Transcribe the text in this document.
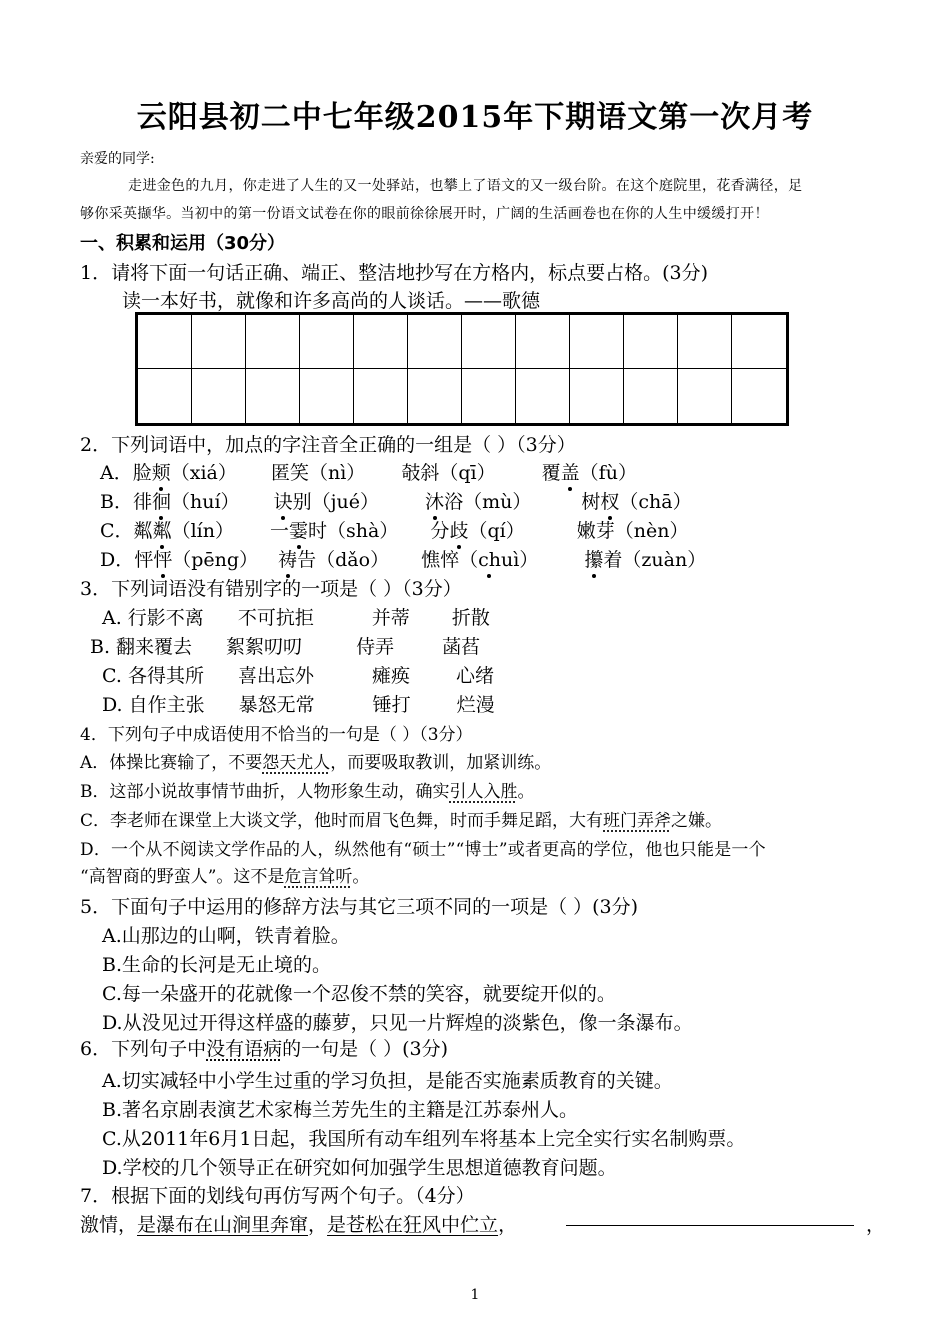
云阳县初二中七年级2015年下期语文第一次月考
亲爱的同学:
走进金色的九月，你走进了人生的又一处驿站，也攀上了语文的又一级台阶。在这个庭院里，花香满径，足
够你采英撷华。当初中的第一份语文试卷在你的眼前徐徐展开时，广阔的生活画卷也在你的人生中缓缓打开！
一、积累和运用（30分）
1．请将下面一句话正确、端正、整洁地抄写在方格内，标点要占格。(3分)
读一本好书，就像和许多高尚的人谈话。——歌德
2．下列词语中，加点的字注音全正确的一组是（ ）（3分）
A．脸颊（xiá） 匿笑（nì） 攲斜（qī） 覆盖（fù）
B．徘徊（huí） 诀别（jué） 沐浴（mù）	树杈（chā）
C．粼粼（lín） 一霎时（shà） 分歧（qí）	嫩芽（nèn）
D．怦怦（pēng） 祷告（dǎo） 憔悴（chuì） 攥着（zuàn）
3．下列词语没有错别字的一项是（ ）（3分）
A. 行影不离 不可抗拒	并蒂 折散
B. 翻来覆去 絮絮叨叨	侍弄	菡萏
C. 各得其所 喜出忘外	瘫痪 心绪
D. 自作主张 暴怒无常	锤打 烂漫
4．下列句子中成语使用不恰当的一句是（ ）（3分）
A．体操比赛输了，不要怨天尤人，而要吸取教训，加紧训练。
B．这部小说故事情节曲折，人物形象生动，确实引人入胜。
C．李老师在课堂上大谈文学，他时而眉飞色舞，时而手舞足蹈，大有班门弄斧之嫌。
D．一个从不阅读文学作品的人，纵然他有“硕士”“博士”或者更高的学位，他也只能是一个
“高智商的野蛮人”。这不是危言耸听。
5．下面句子中运用的修辞方法与其它三项不同的一项是（ ）(3分)
A.山那边的山啊，铁青着脸。
B.生命的长河是无止境的。
C.每一朵盛开的花就像一个忍俊不禁的笑容，就要绽开似的。
D.从没见过开得这样盛的藤萝，只见一片辉煌的淡紫色，像一条瀑布。
6．下列句子中没有语病的一句是（ ）(3分)
A.切实减轻中小学生过重的学习负担，是能否实施素质教育的关键。
B.著名京剧表演艺术家梅兰芳先生的主籍是江苏泰州人。
C.从2011年6月1日起，我国所有动车组列车将基本上完全实行实名制购票。
D.学校的几个领导正在研究如何加强学生思想道德教育问题。
7．根据下面的划线句再仿写两个句子。（4分）
激情，是瀑布在山涧里奔窜，是苍松在狂风中伫立，	，
1
